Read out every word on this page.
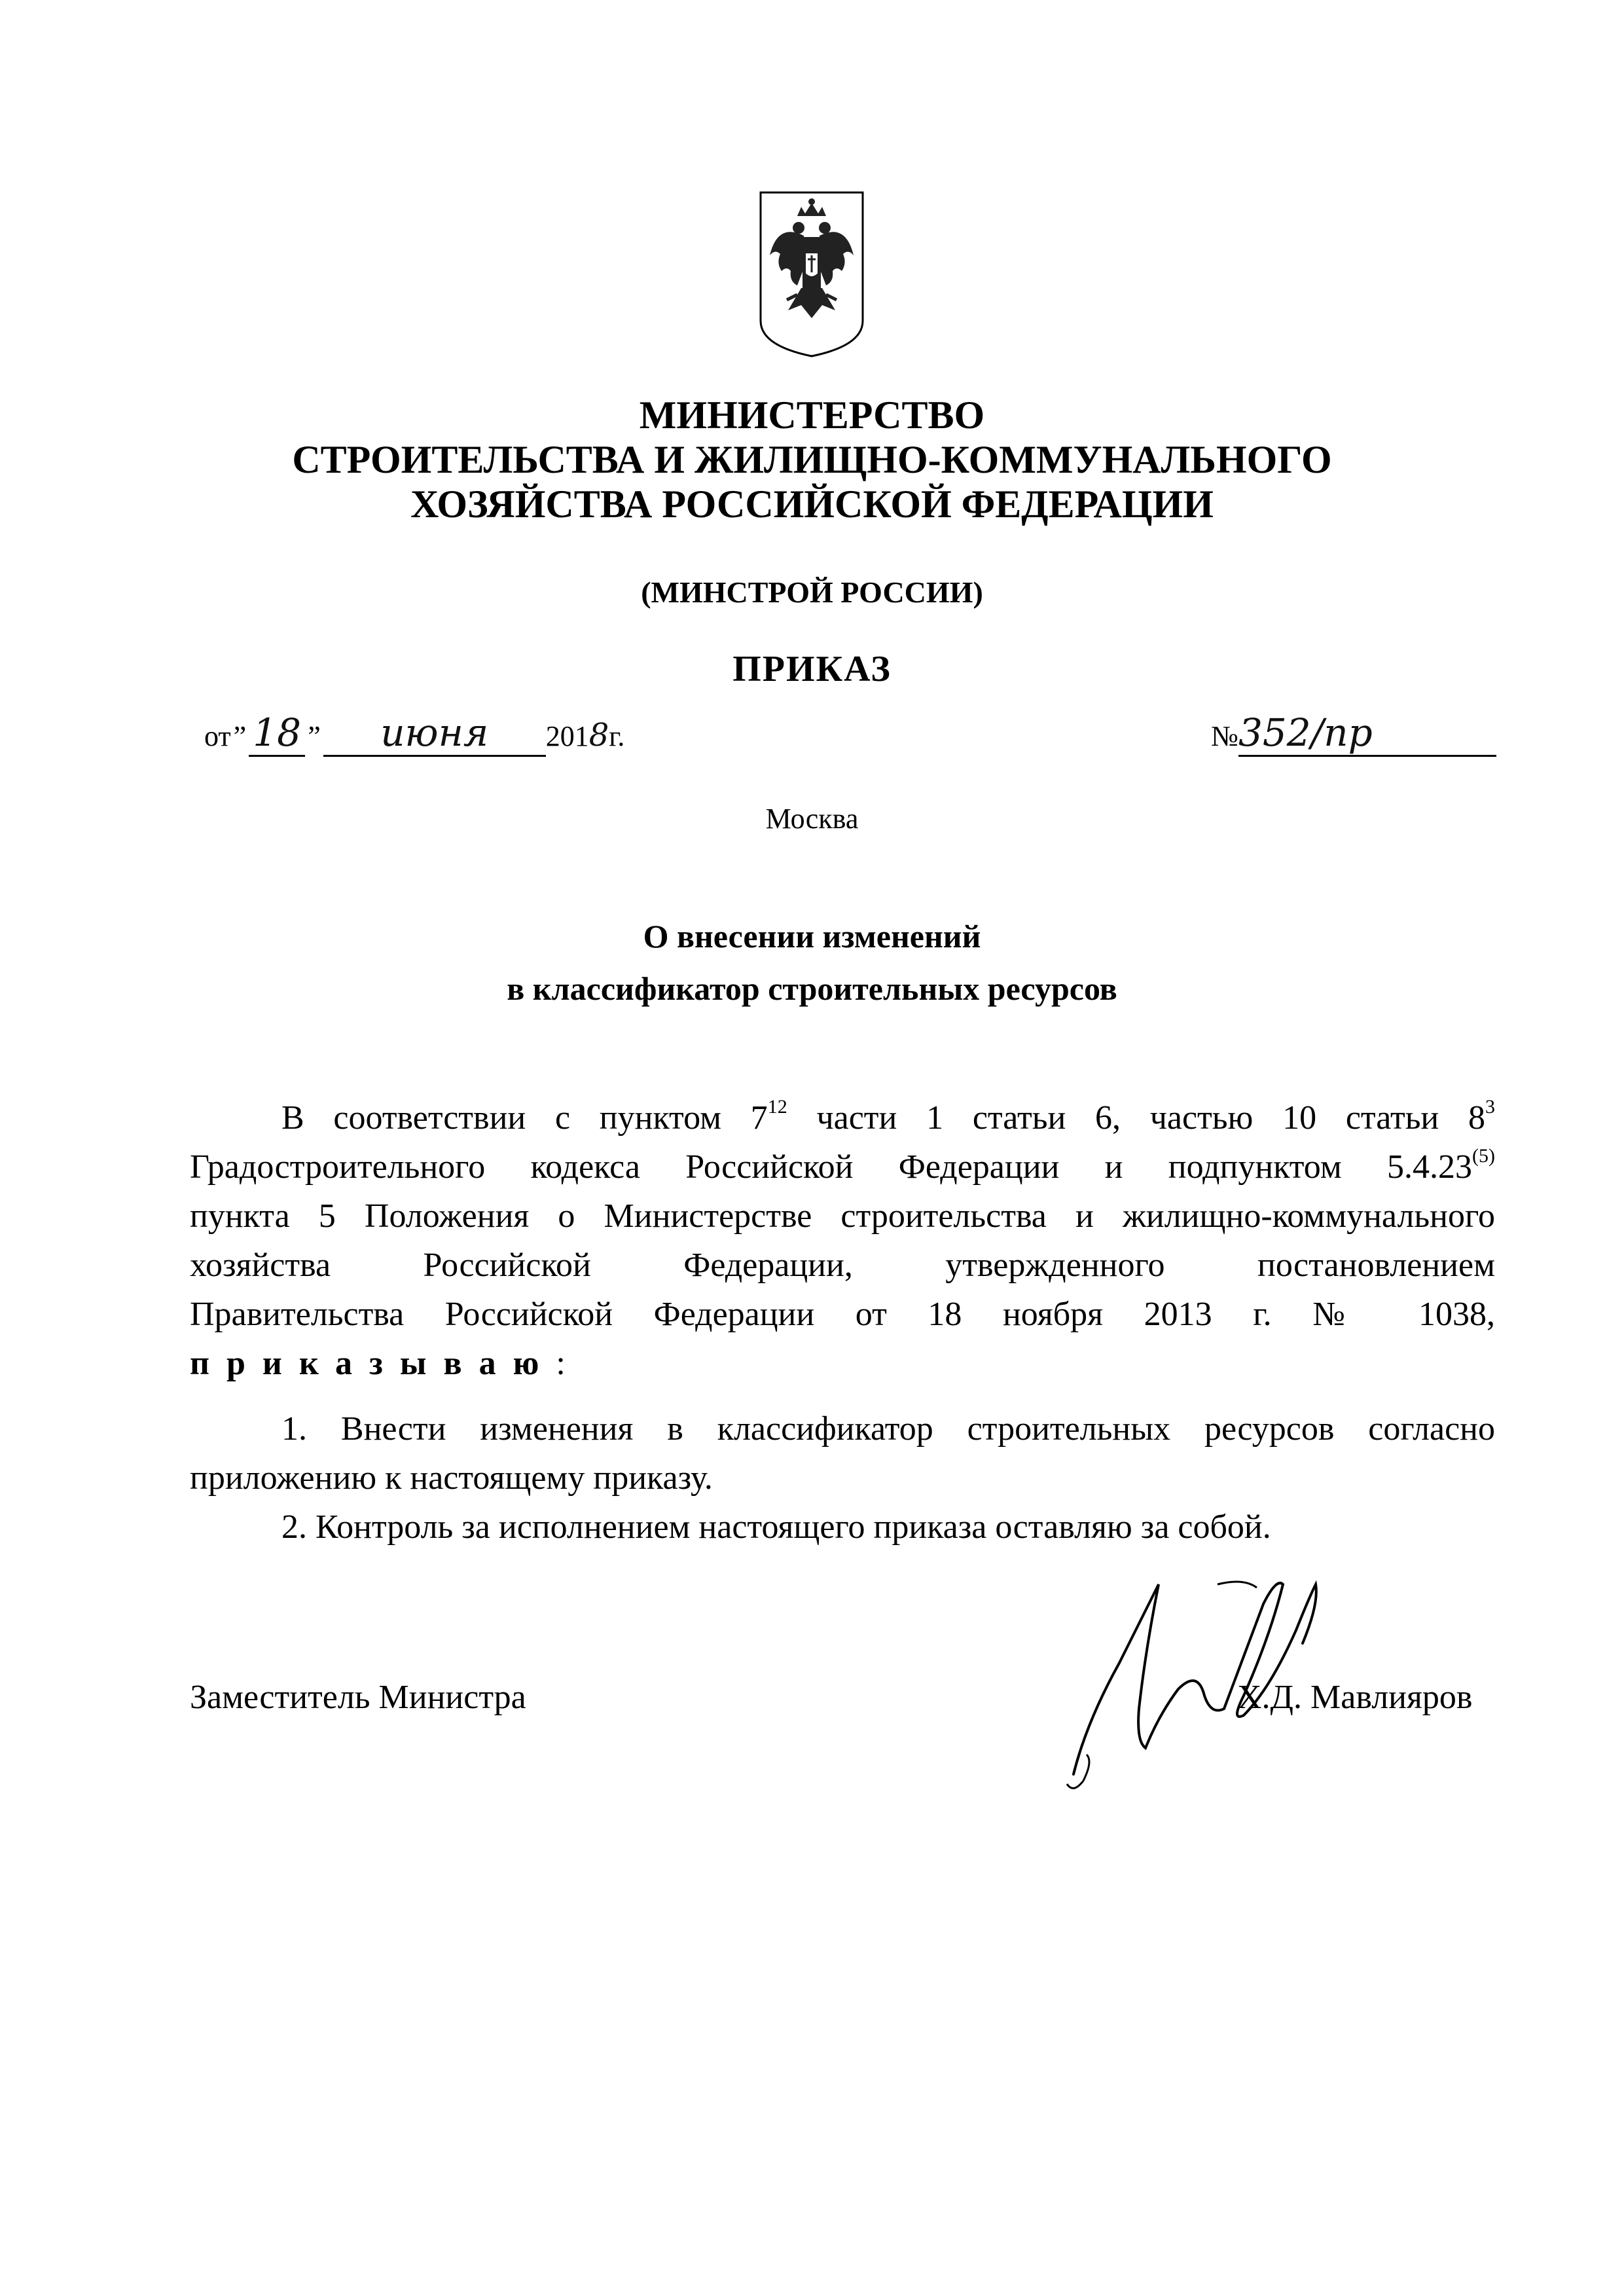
МИНИСТЕРСТВО
СТРОИТЕЛЬСТВА И ЖИЛИЩНО-КОММУНАЛЬНОГО
ХОЗЯЙСТВА РОССИЙСКОЙ ФЕДЕРАЦИИ
(МИНСТРОЙ РОССИИ)
ПРИКАЗ
от ” 18 ” июня 2018г.	№352/пр
Москва
О внесении изменений
в классификатор строительных ресурсов
В соответствии с пунктом $7^{12}$ части 1 статьи 6, частью 10 статьи $8^3$
Градостроительного кодекса Российской Федерации и подпунктом 5.4.23$^{(5)}$
пункта 5 Положения о Министерстве строительства и жилищно-коммунального
хозяйства Российской Федерации, утвержденного постановлением
Правительства Российской Федерации от 18 ноября 2013 г. № 1038,
приказываю:
1. Внести изменения в классификатор строительных ресурсов согласно
приложению к настоящему приказу.
2. Контроль за исполнением настоящего приказа оставляю за собой.
Заместитель Министра	Х.Д. Мавлияров
